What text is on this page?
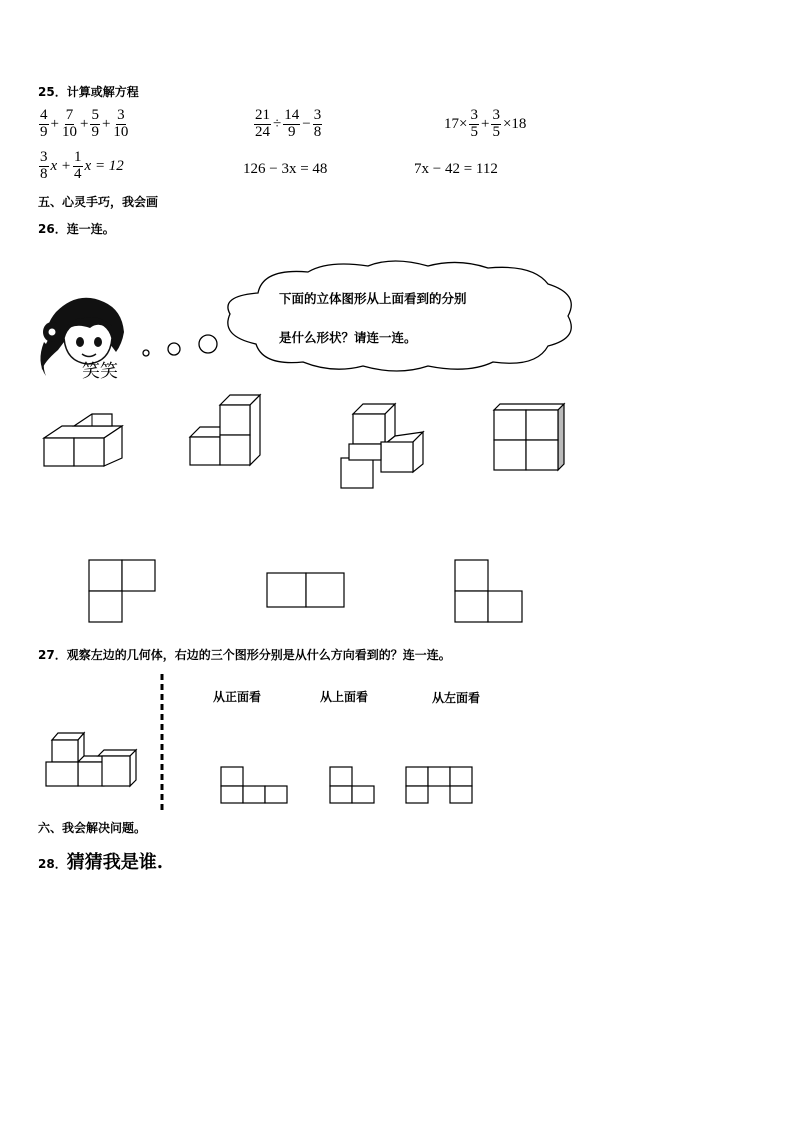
25．计算或解方程
$\frac{4}{9} + \frac{7}{10} + \frac{5}{9} + \frac{3}{10}$	$\frac{21}{24} \div \frac{14}{9} - \frac{3}{8}$	$17\times \frac{3}{5} + \frac{3}{5} \times 18$
$\frac{3}{8}$ $x + \frac{1}{4}$ x = 12	126 − 3x = 48	7x − 42 = 112
五、心灵手巧，我会画
26．连一连。
笑笑
下面的立体图形从上面看到的分别
是什么形状？请连一连。
27．观察左边的几何体，右边的三个图形分别是从什么方向看到的？连一连。
从正面看	从上面看	从左面看
六、我会解决问题。
28． 猜猜我是谁.
